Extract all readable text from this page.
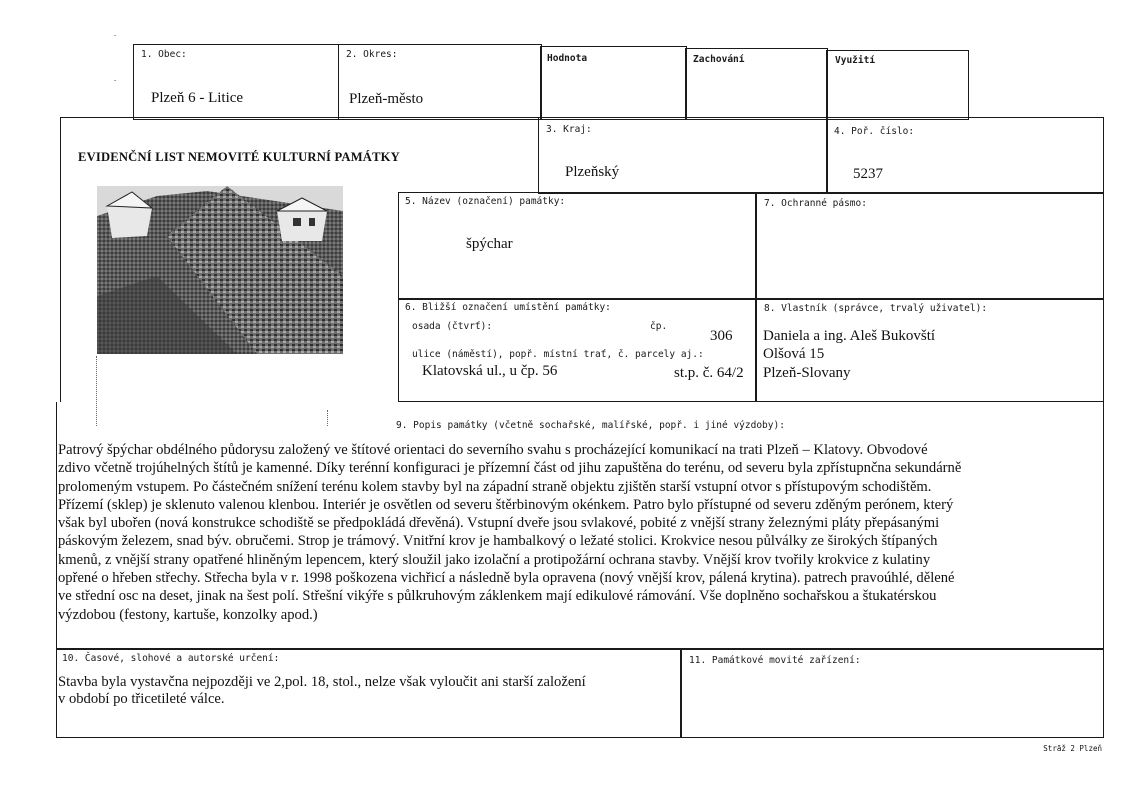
1. Obec:
Plzeň 6 - Litice
2. Okres:
Plzeň-město
Hodnota	Zachování	Využití
EVIDENČNÍ LIST NEMOVITÉ KULTURNÍ PAMÁTKY
3. Kraj:
Plzeňský
4. Poř. číslo:
5237
5. Název (označení) památky:
špýchar
7. Ochranné pásmo:
6. Bližší označení umístění památky:
osada (čtvrť):	čp.
306
ulice (náměstí), popř. místní trať, č. parcely aj.:
Klatovská ul., u čp. 56	st.p. č. 64/2
8. Vlastník (správce, trvalý uživatel):
Daniela a ing. Aleš Bukovští
Olšová 15
Plzeň-Slovany
9. Popis památky (včetně sochařské, malířské, popř. i jiné výzdoby):
Patrový špýchar obdélného půdorysu založený ve štítové orientaci do severního svahu s procházející komunikací na trati Plzeň – Klatovy. Obvodové
zdivo včetně trojúhelných štítů je kamenné. Díky terénní konfiguraci je přízemní část od jihu zapuštěna do terénu, od severu byla zpřístupnčna sekundárně
prolomeným vstupem. Po částečném snížení terénu kolem stavby byl na západní straně objektu zjištěn starší vstupní otvor s přístupovým schodištěm.
Přízemí (sklep) je sklenuto valenou klenbou. Interiér je osvětlen od severu štěrbinovým okénkem. Patro bylo přístupné od severu zděným perónem, který
však byl ubořen (nová konstrukce schodiště se předpokládá dřevěná). Vstupní dveře jsou svlakové, pobité z vnější strany železnými pláty přepásanými
páskovým železem, snad býv. obručemi. Strop je trámový. Vnitřní krov je hambalkový o ležaté stolici. Krokvice nesou půlválky ze širokých štípaných
kmenů, z vnější strany opatřené hliněným lepencem, který sloužil jako izolační a protipožární ochrana stavby. Vnější krov tvořily krokvice z kulatiny
opřené o hřeben střechy. Střecha byla v r. 1998 poškozena vichřicí a následně byla opravena (nový vnější krov, pálená krytina). patrech pravoúhlé, dělené
ve střední osc na deset, jinak na šest polí. Střešní vikýře s půlkruhovým záklenkem mají edikulové rámování. Vše doplněno sochařskou a štukatérskou
výzdobou (festony, kartuše, konzolky apod.)
10. Časové, slohové a autorské určení:
Stavba byla vystavčna nejpozději ve 2,pol. 18, stol., nelze však vyloučit ani starší založení
v období po třicetileté válce.
11. Památkové movité zařízení:
Strãž 2 Plzeň
ˇ
-
